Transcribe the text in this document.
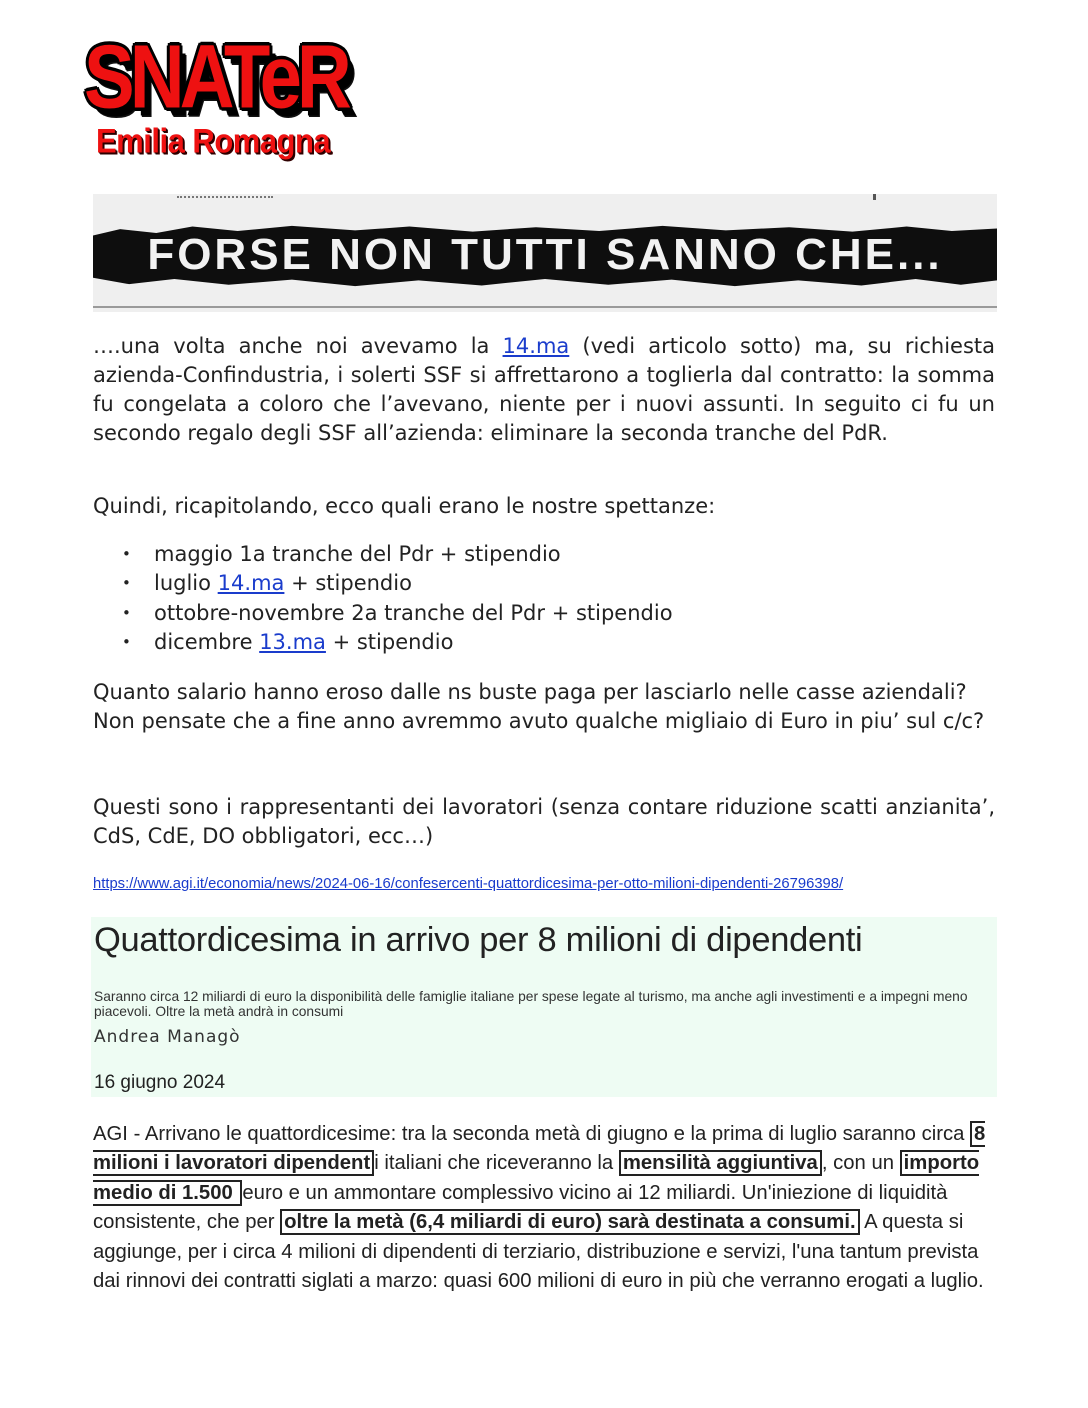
SNATeR
Emilia Romagna
FORSE NON TUTTI SANNO CHE...

….una volta anche noi avevamo la 14.ma (vedi articolo sotto) ma, su richiesta azienda-Confindustria, i solerti SSF si affrettarono a toglierla dal contratto: la somma fu congelata a coloro che l’avevano, niente per i nuovi assunti. In seguito ci fu un secondo regalo degli SSF all’azienda: eliminare la seconda tranche del PdR.

Quindi, ricapitolando, ecco quali erano le nostre spettanze:

• maggio 1a tranche del Pdr + stipendio
• luglio 14.ma + stipendio
• ottobre-novembre 2a tranche del Pdr + stipendio
• dicembre 13.ma + stipendio

Quanto salario hanno eroso dalle ns buste paga per lasciarlo nelle casse aziendali? Non pensate che a fine anno avremmo avuto qualche migliaio di Euro in piu’ sul c/c?

Questi sono i rappresentanti dei lavoratori (senza contare riduzione scatti anzianita’, CdS, CdE, DO obbligatori, ecc…)

https://www.agi.it/economia/news/2024-06-16/confesercenti-quattordicesima-per-otto-milioni-dipendenti-26796398/
Quattordicesima in arrivo per 8 milioni di dipendenti
Saranno circa 12 miliardi di euro la disponibilità delle famiglie italiane per spese legate al turismo, ma anche agli investimenti e a impegni meno piacevoli. Oltre la metà andrà in consumi
Andrea Managò
16 giugno 2024
AGI - Arrivano le quattordicesime: tra la seconda metà di giugno e la prima di luglio saranno circa 8 milioni i lavoratori dipendent i italiani che riceveranno la mensilità aggiuntiva , con un importo medio di 1.500 euro e un ammontare complessivo vicino ai 12 miliardi. Un'iniezione di liquidità consistente, che per oltre la metà (6,4 miliardi di euro) sarà destinata a consumi. A questa si aggiunge, per i circa 4 milioni di dipendenti di terziario, distribuzione e servizi, l'una tantum prevista dai rinnovi dei contratti siglati a marzo: quasi 600 milioni di euro in più che verranno erogati a luglio.
